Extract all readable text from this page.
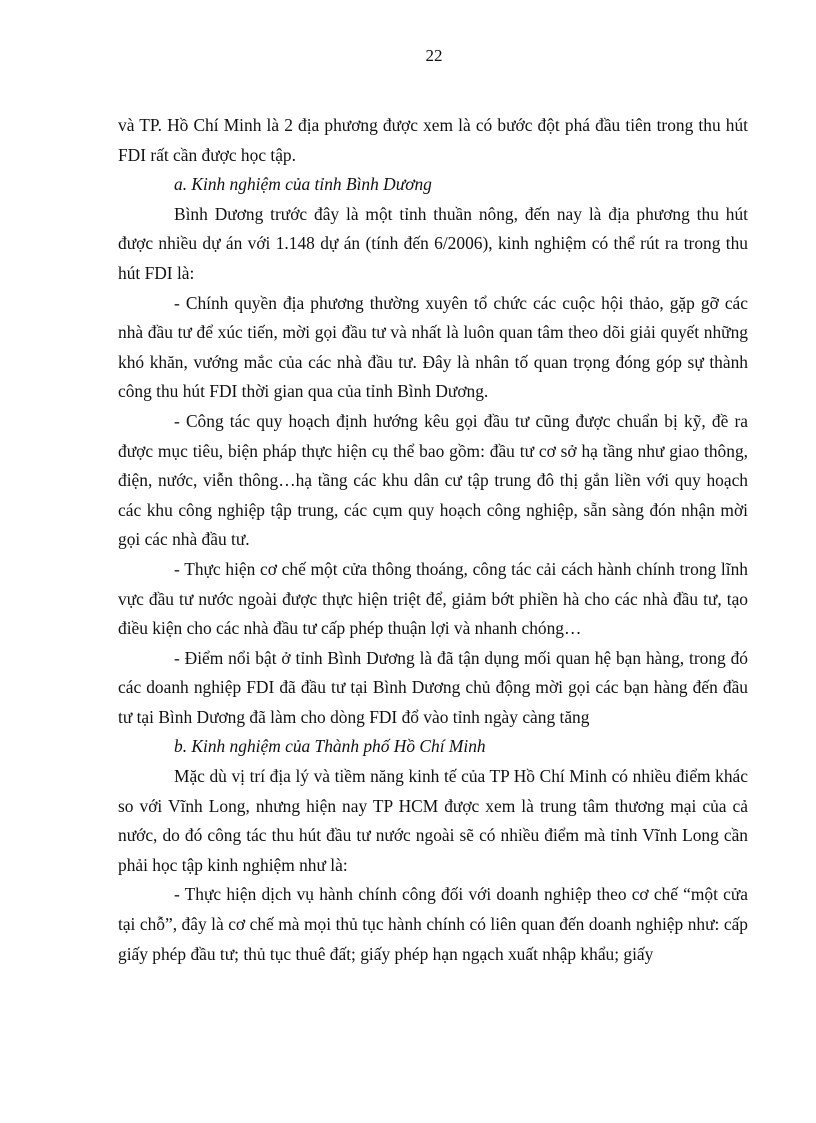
22

và TP. Hồ Chí Minh là 2 địa phương được xem là có bước đột phá đầu tiên trong thu hút FDI rất cần được học tập.

a. Kinh nghiệm của tỉnh Bình Dương

Bình Dương trước đây là một tỉnh thuần nông, đến nay là địa phương thu hút được nhiều dự án với 1.148 dự án (tính đến 6/2006), kinh nghiệm có thể rút ra trong thu hút FDI là:

- Chính quyền địa phương thường xuyên tổ chức các cuộc hội thảo, gặp gỡ các nhà đầu tư để xúc tiến, mời gọi đầu tư và nhất là luôn quan tâm theo dõi giải quyết những khó khăn, vướng mắc của các nhà đầu tư. Đây là nhân tố quan trọng đóng góp sự thành công thu hút FDI thời gian qua của tỉnh Bình Dương.

- Công tác quy hoạch định hướng kêu gọi đầu tư cũng được chuẩn bị kỹ, đề ra được mục tiêu, biện pháp thực hiện cụ thể bao gồm: đầu tư cơ sở hạ tầng như giao thông, điện, nước, viễn thông…hạ tầng các khu dân cư tập trung đô thị gắn liền với quy hoạch các khu công nghiệp tập trung, các cụm quy hoạch công nghiệp, sẵn sàng đón nhận mời gọi các nhà đầu tư.

- Thực hiện cơ chế một cửa thông thoáng, công tác cải cách hành chính trong lĩnh vực đầu tư nước ngoài được thực hiện triệt để, giảm bớt phiền hà cho các nhà đầu tư, tạo điều kiện cho các nhà đầu tư cấp phép thuận lợi và nhanh chóng…

- Điểm nổi bật ở tỉnh Bình Dương là đã tận dụng mối quan hệ bạn hàng, trong đó các doanh nghiệp FDI đã đầu tư tại Bình Dương chủ động mời gọi các bạn hàng đến đầu tư tại Bình Dương đã làm cho dòng FDI đổ vào tỉnh ngày càng tăng

b. Kinh nghiệm của Thành phố Hồ Chí Minh

Mặc dù vị trí địa lý và tiềm năng kinh tế của TP Hồ Chí Minh có nhiều điểm khác so với Vĩnh Long, nhưng hiện nay TP HCM được xem là trung tâm thương mại của cả nước, do đó công tác thu hút đầu tư nước ngoài sẽ có nhiều điểm mà tỉnh Vĩnh Long cần phải học tập kinh nghiệm như là:

- Thực hiện dịch vụ hành chính công đối với doanh nghiệp theo cơ chế “một cửa tại chỗ”, đây là cơ chế mà mọi thủ tục hành chính có liên quan đến doanh nghiệp như: cấp giấy phép đầu tư; thủ tục thuê đất; giấy phép hạn ngạch xuất nhập khẩu; giấy
